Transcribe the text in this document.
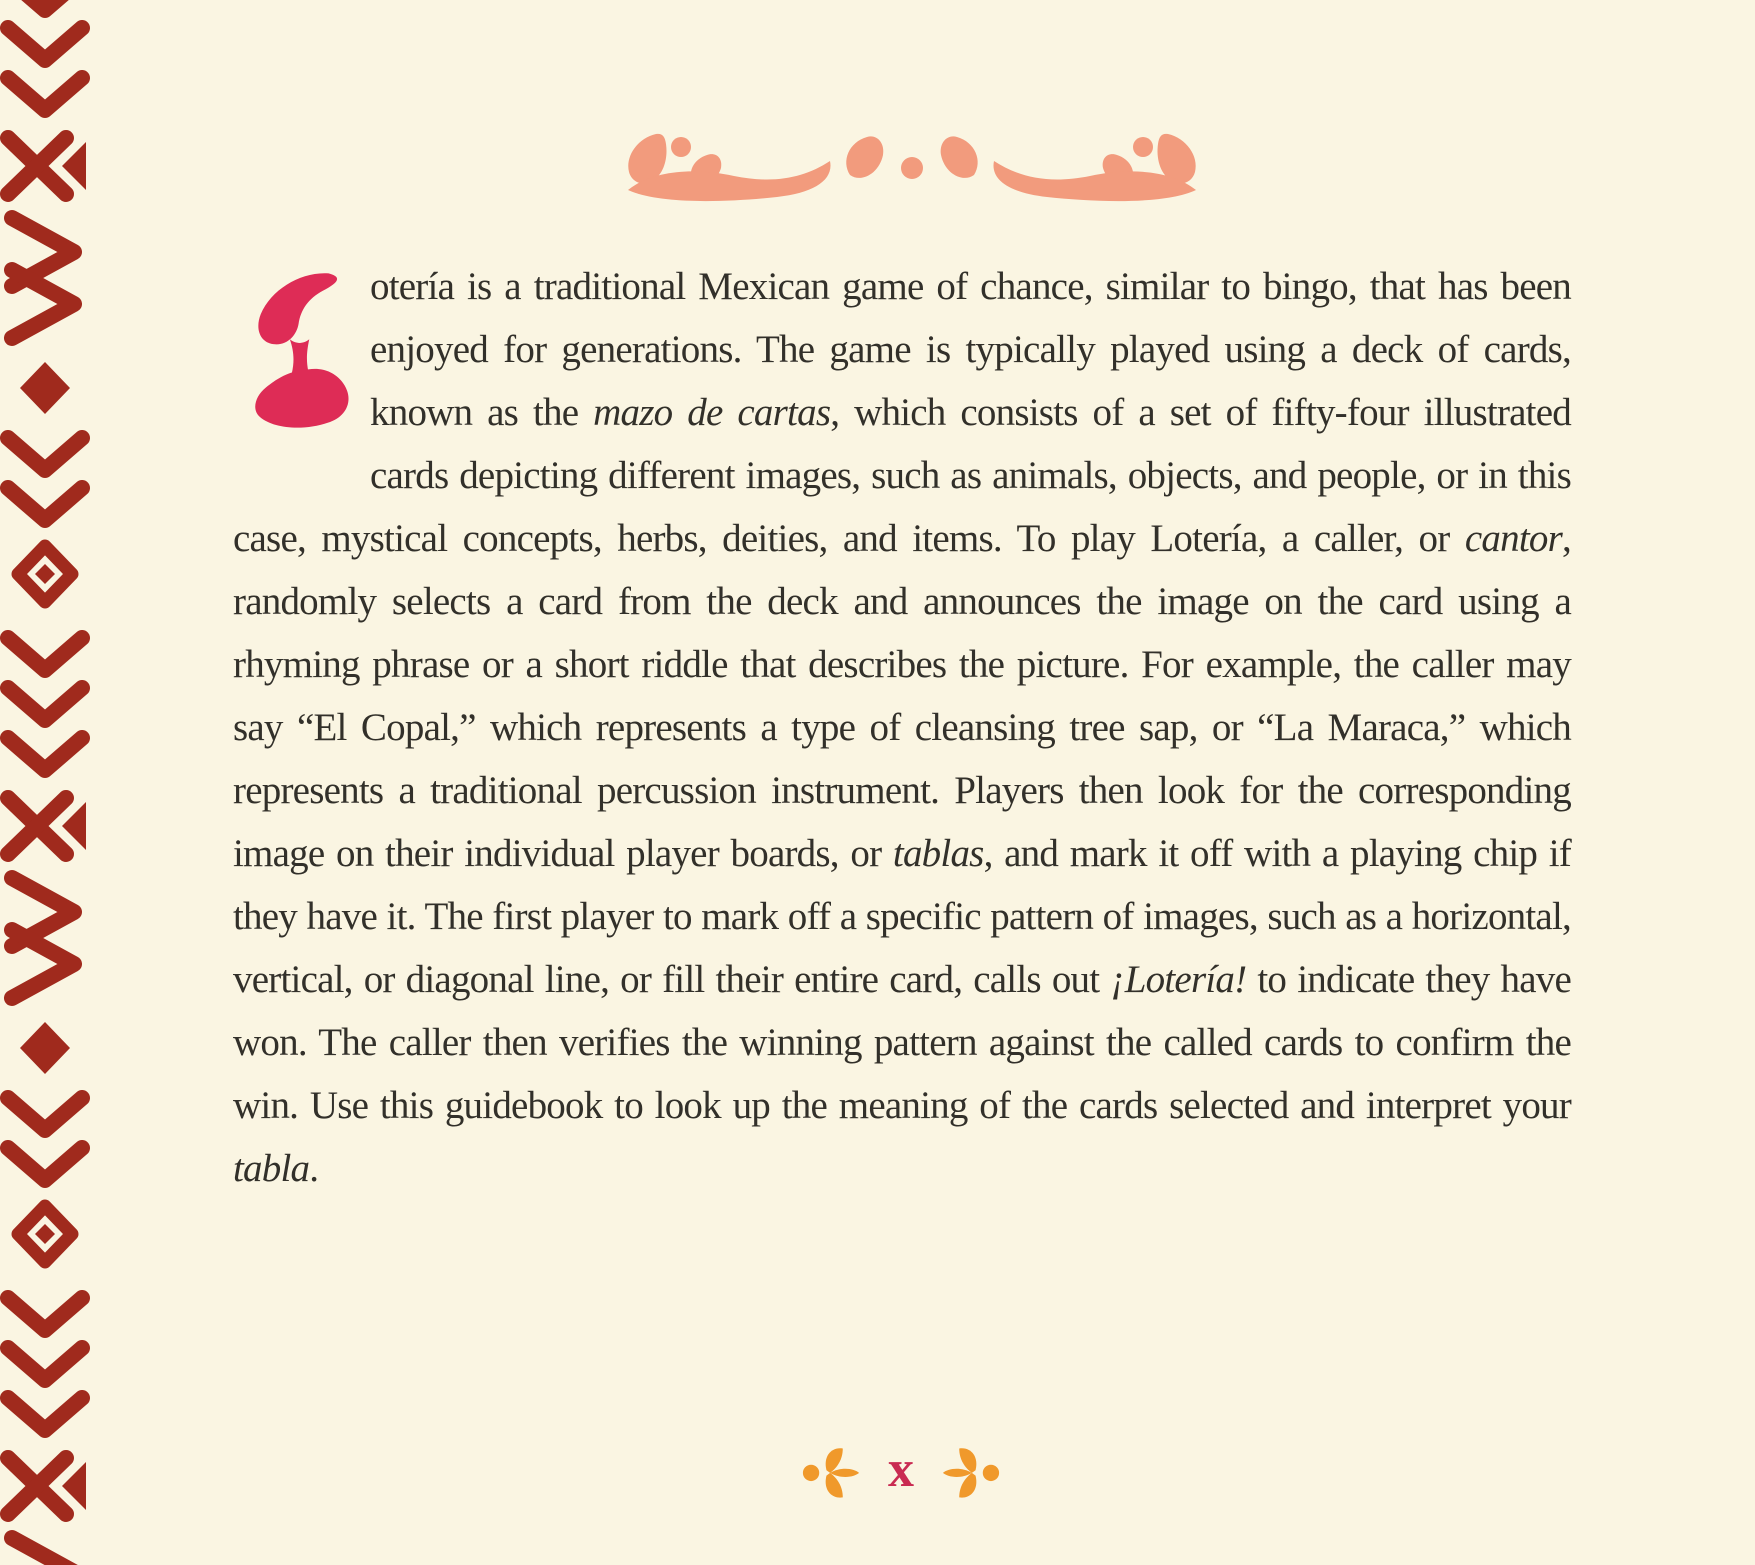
otería is a traditional Mexican game of chance, similar to bingo, that has been enjoyed for generations. The game is typically played using a deck of cards, known as the mazo de cartas, which consists of a set of fifty-four illustrated cards depicting different images, such as animals, objects, and people, or in this case, mystical concepts, herbs, deities, and items. To play Lotería, a caller, or cantor, randomly selects a card from the deck and announces the image on the card using a rhyming phrase or a short riddle that describes the picture. For example, the caller may say “El Copal,” which represents a type of cleansing tree sap, or “La Maraca,” which represents a traditional percussion instrument. Players then look for the corresponding image on their individual player boards, or tablas, and mark it off with a playing chip if they have it. The first player to mark off a specific pattern of images, such as a horizontal, vertical, or diagonal line, or fill their entire card, calls out ¡Lotería! to indicate they have won. The caller then verifies the winning pattern against the called cards to confirm the win. Use this guidebook to look up the meaning of the cards selected and interpret your tabla.
x
